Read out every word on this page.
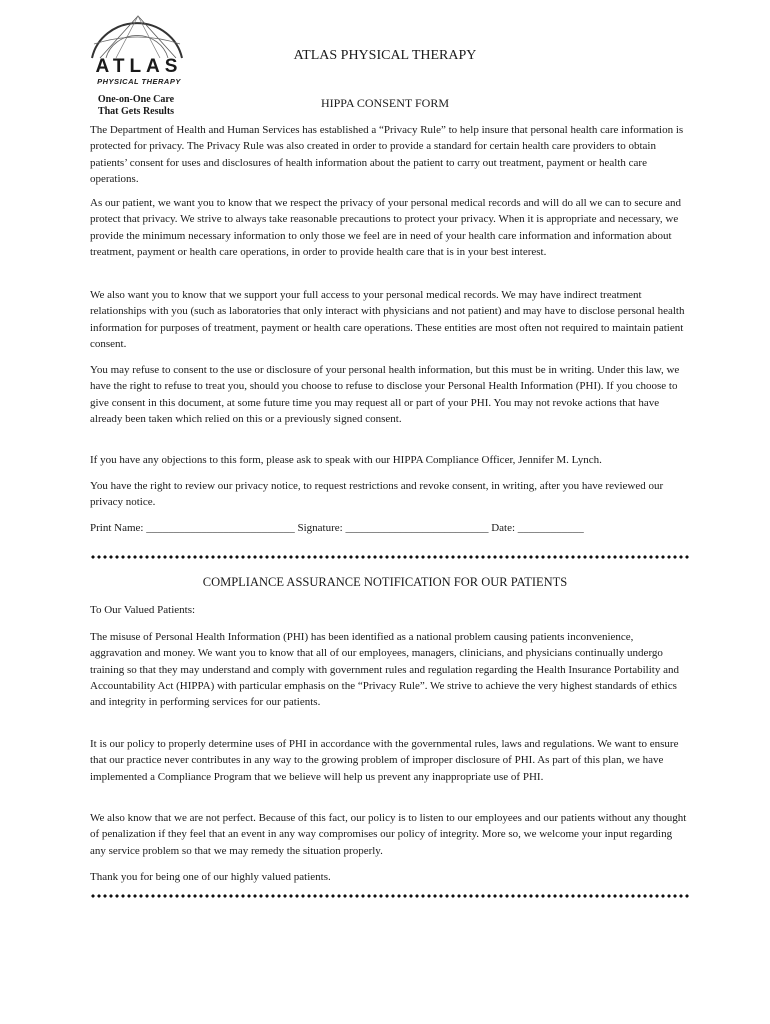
ATLAS
PHYSICAL THERAPY
One-on-One Care
That Gets Results
ATLAS PHYSICAL THERAPY
HIPPA CONSENT FORM

The Department of Health and Human Services has established a “Privacy Rule” to help insure that personal health care information is protected for privacy. The Privacy Rule was also created in order to provide a standard for certain health care providers to obtain patients’ consent for uses and disclosures of health information about the patient to carry out treatment, payment or health care operations.

As our patient, we want you to know that we respect the privacy of your personal medical records and will do all we can to secure and protect that privacy. We strive to always take reasonable precautions to protect your privacy. When it is appropriate and necessary, we provide the minimum necessary information to only those we feel are in need of your health care information and information about treatment, payment or health care operations, in order to provide health care that is in your best interest.

We also want you to know that we support your full access to your personal medical records. We may have indirect treatment relationships with you (such as laboratories that only interact with physicians and not patient) and may have to disclose personal health information for purposes of treatment, payment or health care operations. These entities are most often not required to maintain patient consent.

You may refuse to consent to the use or disclosure of your personal health information, but this must be in writing. Under this law, we have the right to refuse to treat you, should you choose to refuse to disclose your Personal Health Information (PHI). If you choose to give consent in this document, at some future time you may request all or part of your PHI. You may not revoke actions that have already been taken which relied on this or a previously signed consent.

If you have any objections to this form, please ask to speak with our HIPPA Compliance Officer, Jennifer M. Lynch.

You have the right to review our privacy notice, to request restrictions and revoke consent, in writing, after you have reviewed our privacy notice.

Print Name: ___________________________ Signature: __________________________ Date: ____________
COMPLIANCE ASSURANCE NOTIFICATION FOR OUR PATIENTS

To Our Valued Patients:

The misuse of Personal Health Information (PHI) has been identified as a national problem causing patients inconvenience, aggravation and money. We want you to know that all of our employees, managers, clinicians, and physicians continually undergo training so that they may understand and comply with government rules and regulation regarding the Health Insurance Portability and Accountability Act (HIPPA) with particular emphasis on the “Privacy Rule”. We strive to achieve the very highest standards of ethics and integrity in performing services for our patients.

It is our policy to properly determine uses of PHI in accordance with the governmental rules, laws and regulations. We want to ensure that our practice never contributes in any way to the growing problem of improper disclosure of PHI. As part of this plan, we have implemented a Compliance Program that we believe will help us prevent any inappropriate use of PHI.

We also know that we are not perfect. Because of this fact, our policy is to listen to our employees and our patients without any thought of penalization if they feel that an event in any way compromises our policy of integrity. More so, we welcome your input regarding any service problem so that we may remedy the situation properly.

Thank you for being one of our highly valued patients.
